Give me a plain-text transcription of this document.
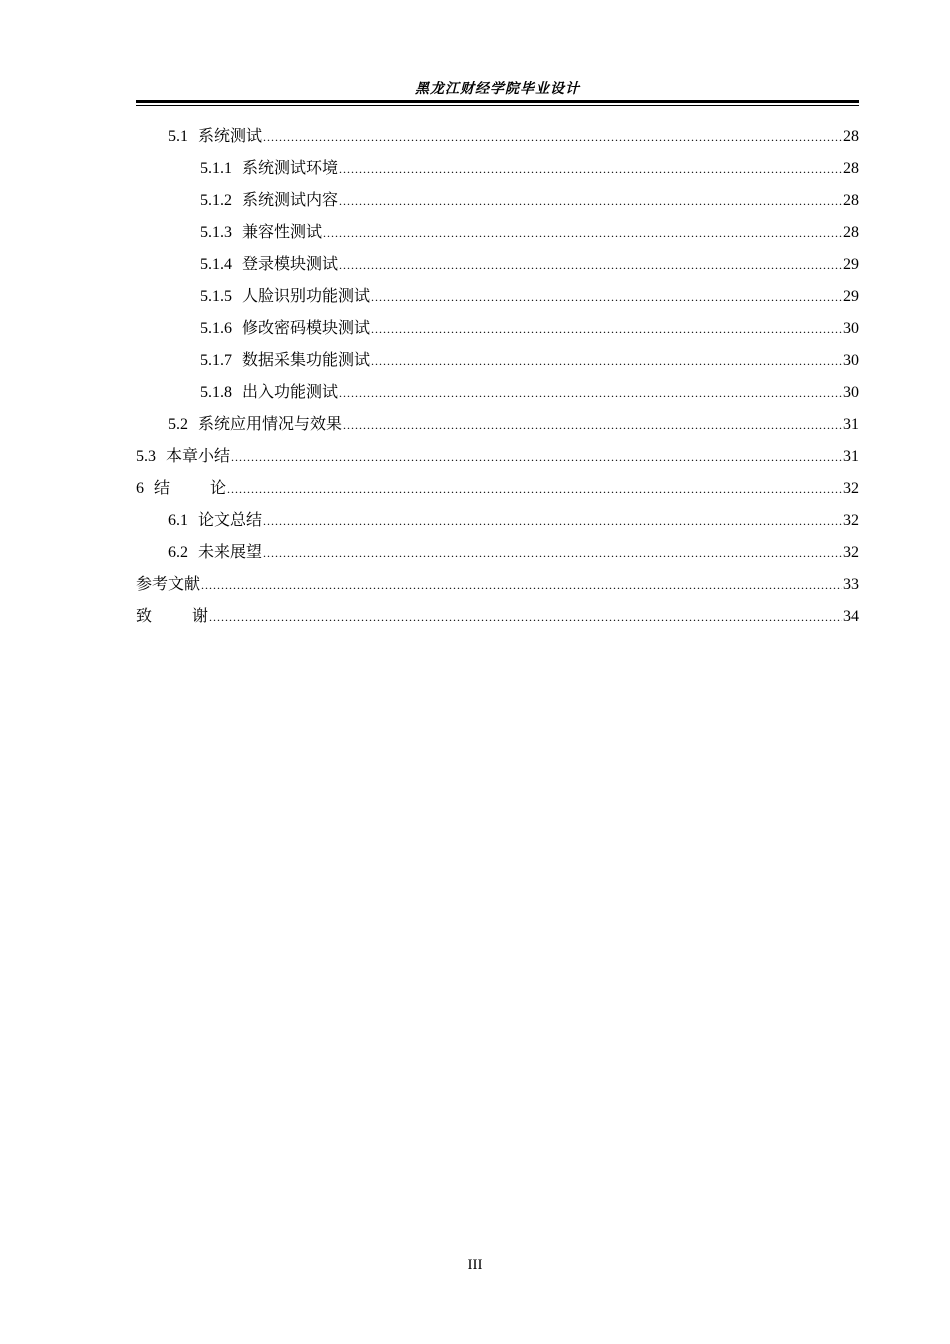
黑龙江财经学院毕业设计
5.1 系统测试 .....	28
5.1.1 系统测试环境 .....	28
5.1.2 系统测试内容 .....	28
5.1.3 兼容性测试 .....	28
5.1.4 登录模块测试 .....	29
5.1.5 人脸识别功能测试 .....	29
5.1.6 修改密码模块测试 .....	30
5.1.7 数据采集功能测试 .....	30
5.1.8 出入功能测试 .....	30
5.2 系统应用情况与效果 .....	31
5.3 本章小结 .....	31
6 结 论 .....	32
6.1 论文总结 .....	32
6.2 未来展望 .....	32
参考文献 .....	33
致 谢 .....	34
III
